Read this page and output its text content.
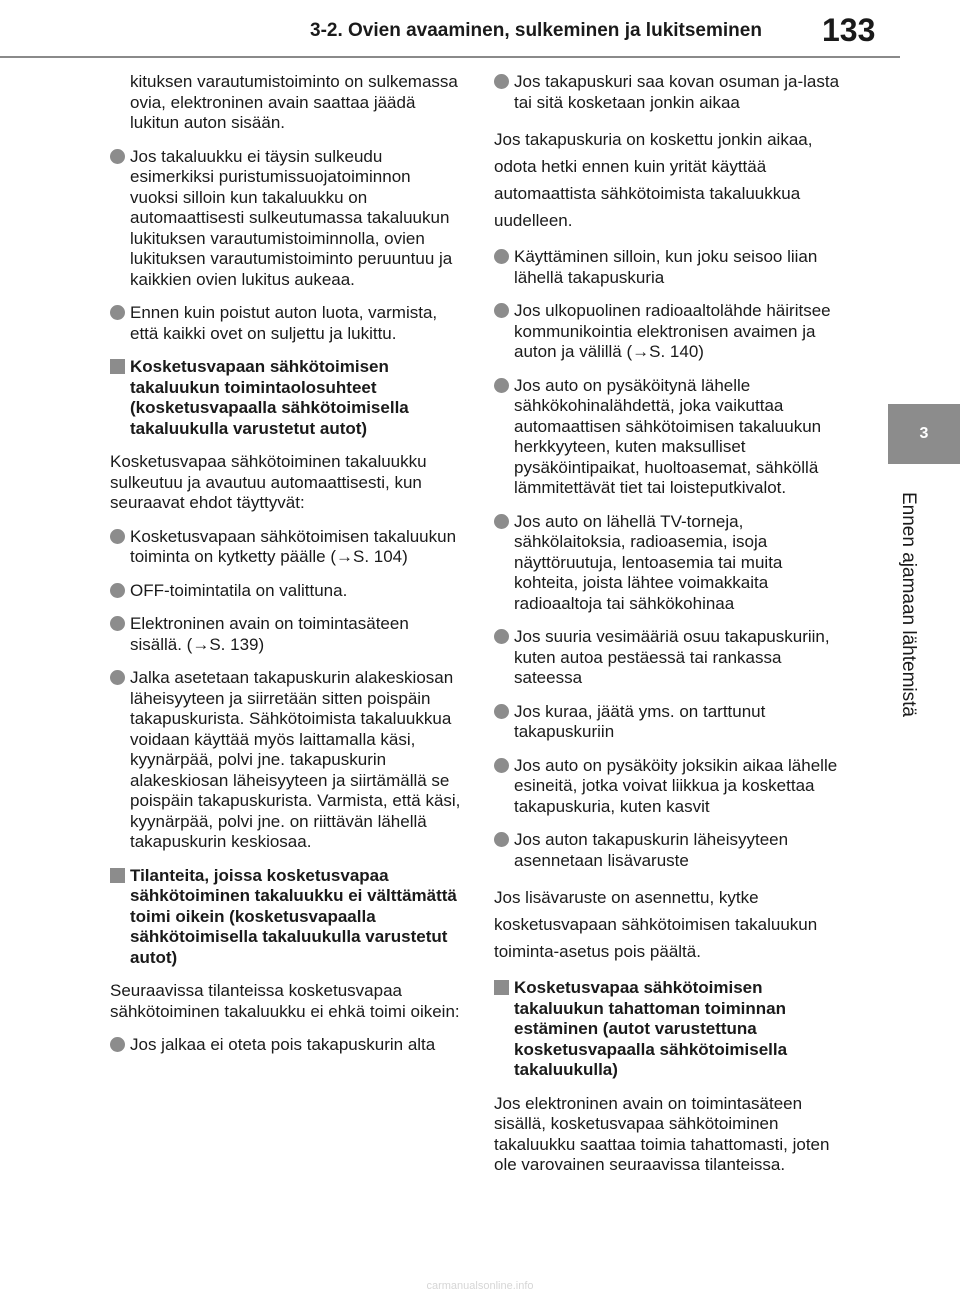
3-2. Ovien avaaminen, sulkeminen ja lukitseminen 133
3
Ennen ajamaan lähtemistä
kituksen varautumistoiminto on sulkemassa ovia, elektroninen avain saattaa jäädä lukitun auton sisään.
Jos takaluukku ei täysin sulkeudu esimerkiksi puristumissuojatoiminnon vuoksi silloin kun takaluukku on automaattisesti sulkeutumassa takaluukun lukituksen varautumistoiminnolla, ovien lukituksen varautumistoiminto peruuntuu ja kaikkien ovien lukitus aukeaa.
Ennen kuin poistut auton luota, varmista, että kaikki ovet on suljettu ja lukittu.
Kosketusvapaan sähkötoimisen takaluukun toimintaolosuhteet (kosketusvapaalla sähkötoimisella takaluukulla varustetut autot)
Kosketusvapaa sähkötoiminen takaluukku sulkeutuu ja avautuu automaattisesti, kun seuraavat ehdot täyttyvät:
Kosketusvapaan sähkötoimisen takaluukun toiminta on kytketty päälle (→S. 104)
OFF-toimintatila on valittuna.
Elektroninen avain on toimintasäteen sisällä. (→S. 139)
Jalka asetetaan takapuskurin alakeskiosan läheisyyteen ja siirretään sitten poispäin takapuskurista. Sähkötoimista takaluukkua voidaan käyttää myös laittamalla käsi, kyynärpää, polvi jne. takapuskurin alakeskiosan läheisyyteen ja siirtämällä se poispäin takapuskurista. Varmista, että käsi, kyynärpää, polvi jne. on riittävän lähellä takapuskurin keskiosaa.
Tilanteita, joissa kosketusvapaa sähkötoiminen takaluukku ei välttämättä toimi oikein (kosketusvapaalla sähkötoimisella takaluukulla varustetut autot)
Seuraavissa tilanteissa kosketusvapaa sähkötoiminen takaluukku ei ehkä toimi oikein:
Jos jalkaa ei oteta pois takapuskurin alta
Jos takapuskuri saa kovan osuman ja-lasta tai sitä kosketaan jonkin aikaa
Jos takapuskuria on koskettu jonkin aikaa, odota hetki ennen kuin yrität käyttää automaattista sähkötoimista takaluukkua uudelleen.
Käyttäminen silloin, kun joku seisoo liian lähellä takapuskuria
Jos ulkopuolinen radioaaltolähde häiritsee kommunikointia elektronisen avaimen ja auton ja välillä (→S. 140)
Jos auto on pysäköitynä lähelle sähkökohinalähdettä, joka vaikuttaa automaattisen sähkötoimisen takaluukun herkkyyteen, kuten maksulliset pysäköintipaikat, huoltoasemat, sähköllä lämmitettävät tiet tai loisteputkivalot.
Jos auto on lähellä TV-torneja, sähkölaitoksia, radioasemia, isoja näyttöruutuja, lentoasemia tai muita kohteita, joista lähtee voimakkaita radioaaltoja tai sähkökohinaa
Jos suuria vesimääriä osuu takapuskuriin, kuten autoa pestäessä tai rankassa sateessa
Jos kuraa, jäätä yms. on tarttunut takapuskuriin
Jos auto on pysäköity joksikin aikaa lähelle esineitä, jotka voivat liikkua ja koskettaa takapuskuria, kuten kasvit
Jos auton takapuskurin läheisyyteen asennetaan lisävaruste
Jos lisävaruste on asennettu, kytke kosketusvapaan sähkötoimisen takaluukun toiminta-asetus pois päältä.
Kosketusvapaa sähkötoimisen takaluukun tahattoman toiminnan estäminen (autot varustettuna kosketusvapaalla sähkötoimisella takaluukulla)
Jos elektroninen avain on toimintasäteen sisällä, kosketusvapaa sähkötoiminen takaluukku saattaa toimia tahattomasti, joten ole varovainen seuraavissa tilanteissa.
carmanualsonline.info
